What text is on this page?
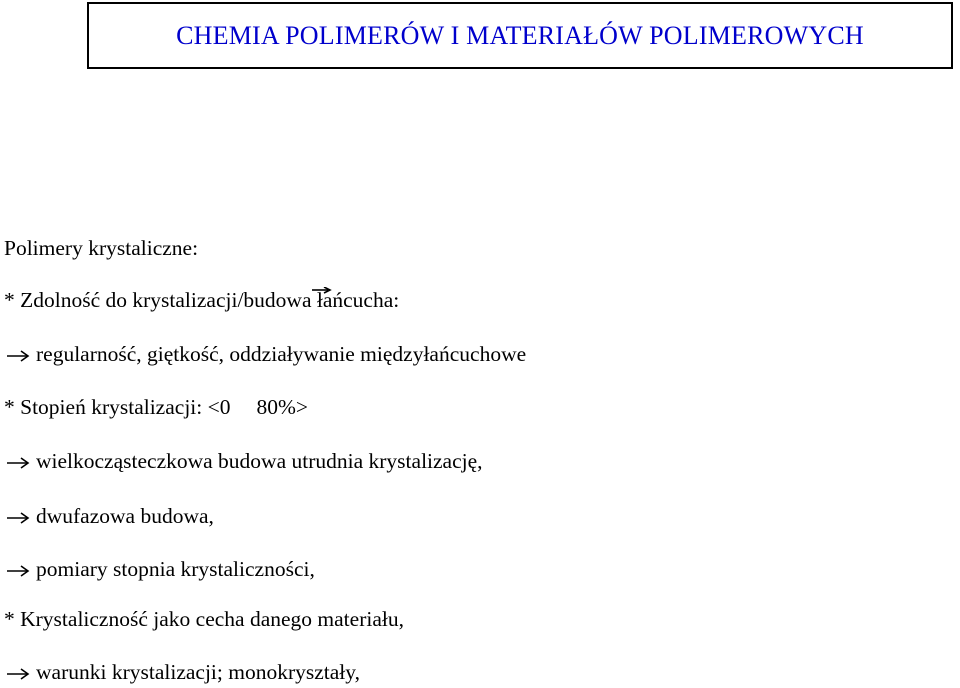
CHEMIA POLIMERÓW I MATERIAŁÓW POLIMEROWYCH
Polimery krystaliczne:
* Zdolność do krystalizacji/budowa łańcucha:
regularność, giętkość, oddziaływanie międzyłańcuchowe
* Stopień krystalizacji: <0 80%>
wielkocząsteczkowa budowa utrudnia krystalizację,
dwufazowa budowa,
pomiary stopnia krystaliczności,
* Krystaliczność jako cecha danego materiału,
warunki krystalizacji; monokryształy,
